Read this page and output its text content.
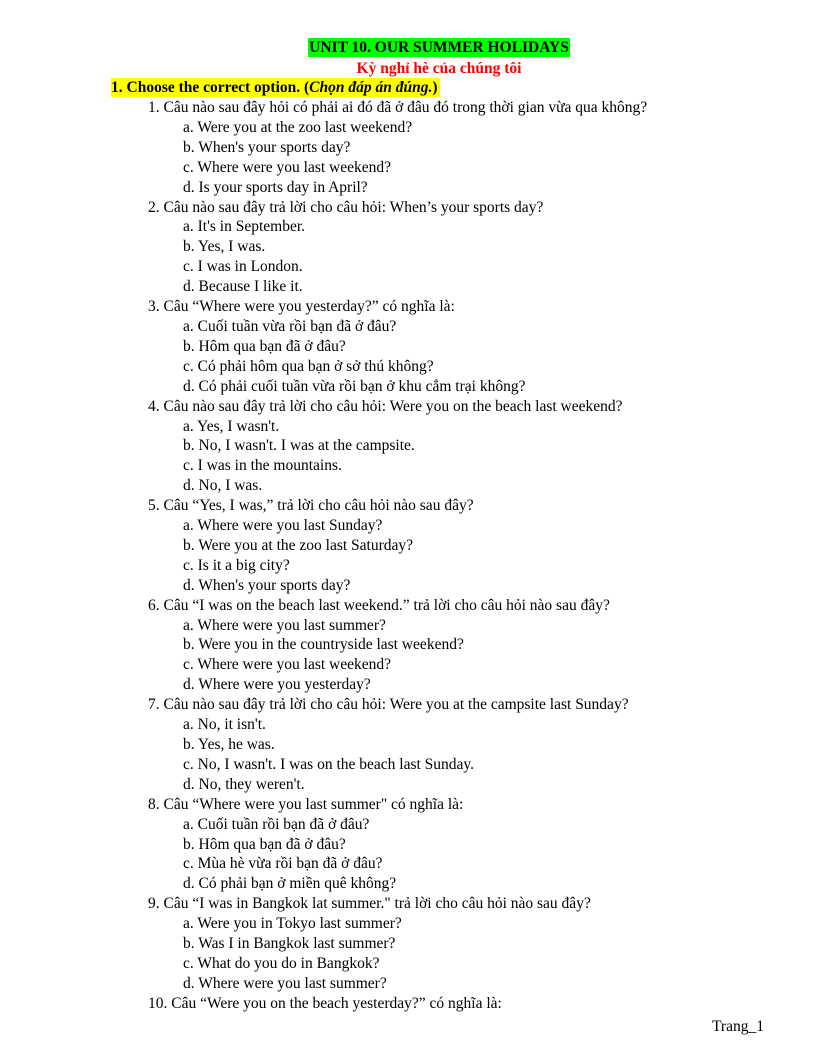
UNIT 10. OUR SUMMER HOLIDAYS
Kỳ nghỉ hè của chúng tôi
1. Choose the correct option. (Chọn đáp án đúng.)
1. Câu nào sau đây hỏi có phải ai đó đã ở đâu đó trong thời gian vừa qua không?
a. Were you at the zoo last weekend?
b. When's your sports day?
c. Where were you last weekend?
d. Is your sports day in April?
2. Câu nào sau đây trả lời cho câu hỏi: When’s your sports day?
a. It's in September.
b. Yes, I was.
c. I was in London.
d. Because I like it.
3. Câu “Where were you yesterday?” có nghĩa là:
a. Cuối tuần vừa rồi bạn đã ở đâu?
b. Hôm qua bạn đã ở đâu?
c. Có phải hôm qua bạn ở sở thú không?
d. Có phải cuối tuần vừa rồi bạn ở khu cắm trại không?
4. Câu nào sau đây trả lời cho câu hỏi: Were you on the beach last weekend?
a. Yes, I wasn't.
b. No, I wasn't. I was at the campsite.
c. I was in the mountains.
d. No, I was.
5. Câu “Yes, I was,” trả lời cho câu hỏi nào sau đây?
a. Where were you last Sunday?
b. Were you at the zoo last Saturday?
c. Is it a big city?
d. When's your sports day?
6. Câu “I was on the beach last weekend.” trả lời cho câu hỏi nào sau đây?
a. Where were you last summer?
b. Were you in the countryside last weekend?
c. Where were you last weekend?
d. Where were you yesterday?
7. Câu nào sau đây trả lời cho câu hỏi: Were you at the campsite last Sunday?
a. No, it isn't.
b. Yes, he was.
c. No, I wasn't. I was on the beach last Sunday.
d. No, they weren't.
8. Câu “Where were you last summer" có nghĩa là:
a. Cuối tuần rồi bạn đã ở đâu?
b. Hôm qua bạn đã ở đâu?
c. Mùa hè vừa rồi bạn đã ở đâu?
d. Có phải bạn ở miền quê không?
9. Câu “I was in Bangkok lat summer." trả lời cho câu hỏi nào sau đây?
a. Were you in Tokyo last summer?
b. Was I in Bangkok last summer?
c. What do you do in Bangkok?
d. Where were you last summer?
10. Câu “Were you on the beach yesterday?” có nghĩa là:
Trang_1
